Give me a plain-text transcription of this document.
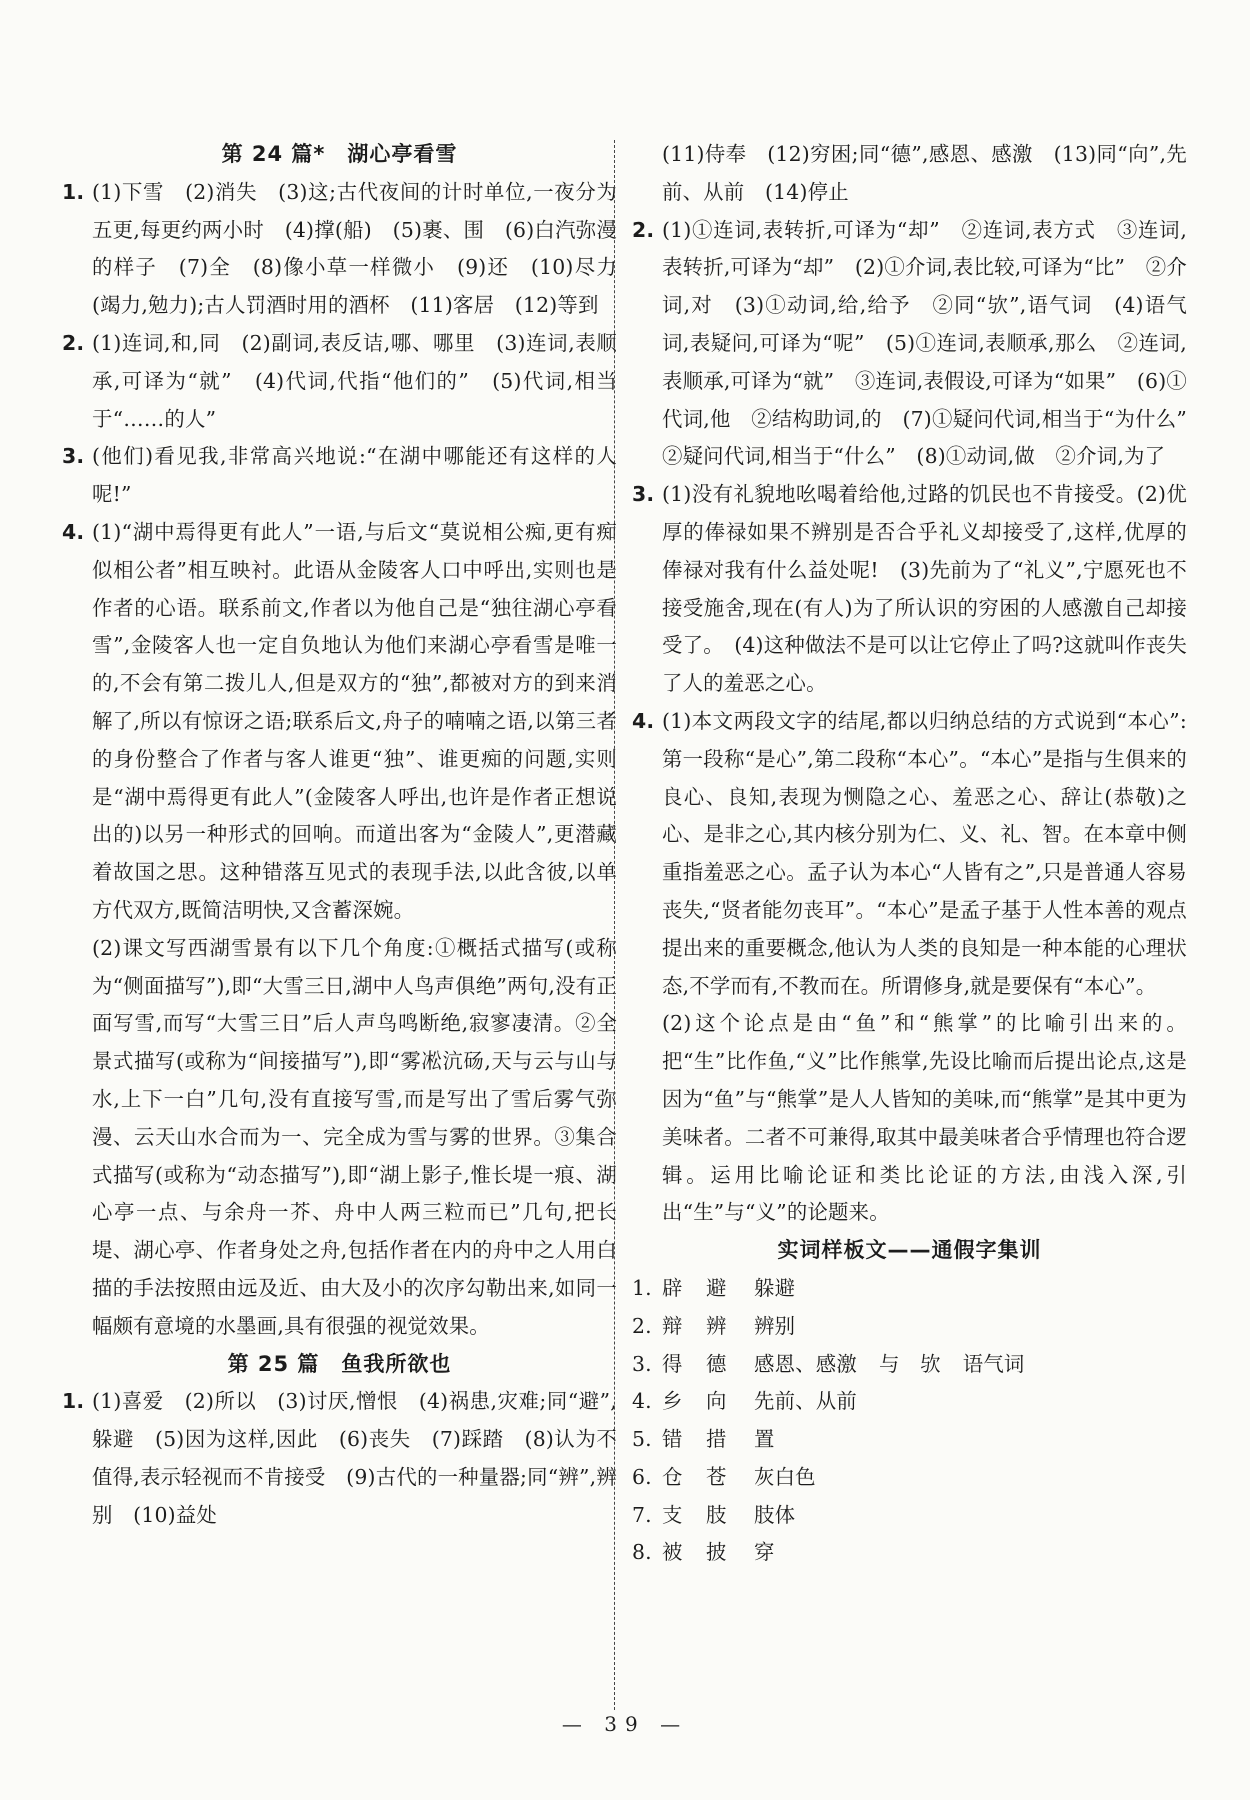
第 24 篇*　湖心亭看雪
1. (1)下雪　(2)消失　(3)这;古代夜间的计时单位,一夜分为五更,每更约两小时　(4)撑(船)　(5)裹、围　(6)白汽弥漫的样子　(7)全　(8)像小草一样微小　(9)还　(10)尽力(竭力,勉力);古人罚酒时用的酒杯　(11)客居　(12)等到
2. (1)连词,和,同　(2)副词,表反诘,哪、哪里　(3)连词,表顺承,可译为“就”　(4)代词,代指“他们的”　(5)代词,相当于“……的人”
3. (他们)看见我,非常高兴地说:“在湖中哪能还有这样的人呢!”
4. (1)“湖中焉得更有此人”一语,与后文“莫说相公痴,更有痴似相公者”相互映衬。此语从金陵客人口中呼出,实则也是作者的心语。联系前文,作者以为他自己是“独往湖心亭看雪”,金陵客人也一定自负地认为他们来湖心亭看雪是唯一的,不会有第二拨儿人,但是双方的“独”,都被对方的到来消解了,所以有惊讶之语;联系后文,舟子的喃喃之语,以第三者的身份整合了作者与客人谁更“独”、谁更痴的问题,实则是“湖中焉得更有此人”(金陵客人呼出,也许是作者正想说出的)以另一种形式的回响。而道出客为“金陵人”,更潜藏着故国之思。这种错落互见式的表现手法,以此含彼,以单方代双方,既简洁明快,又含蓄深婉。
(2)课文写西湖雪景有以下几个角度:①概括式描写(或称为“侧面描写”),即“大雪三日,湖中人鸟声俱绝”两句,没有正面写雪,而写“大雪三日”后人声鸟鸣断绝,寂寥凄清。②全景式描写(或称为“间接描写”),即“雾凇沆砀,天与云与山与水,上下一白”几句,没有直接写雪,而是写出了雪后雾气弥漫、云天山水合而为一、完全成为雪与雾的世界。③集合式描写(或称为“动态描写”),即“湖上影子,惟长堤一痕、湖心亭一点、与余舟一芥、舟中人两三粒而已”几句,把长堤、湖心亭、作者身处之舟,包括作者在内的舟中之人用白描的手法按照由远及近、由大及小的次序勾勒出来,如同一幅颇有意境的水墨画,具有很强的视觉效果。
第 25 篇　鱼我所欲也
1. (1)喜爱　(2)所以　(3)讨厌,憎恨　(4)祸患,灾难;同“避”,躲避　(5)因为这样,因此　(6)丧失　(7)踩踏　(8)认为不值得,表示轻视而不肯接受　(9)古代的一种量器;同“辨”,辨别　(10)益处
(11)侍奉　(12)穷困;同“德”,感恩、感激　(13)同“向”,先前、从前　(14)停止
2. (1)①连词,表转折,可译为“却”　②连词,表方式　③连词,表转折,可译为“却”　(2)①介词,表比较,可译为“比”　②介词,对　(3)①动词,给,给予　②同“欤”,语气词　(4)语气词,表疑问,可译为“呢”　(5)①连词,表顺承,那么　②连词,表顺承,可译为“就”　③连词,表假设,可译为“如果”　(6)①代词,他　②结构助词,的　(7)①疑问代词,相当于“为什么”　②疑问代词,相当于“什么”　(8)①动词,做　②介词,为了
3. (1)没有礼貌地吆喝着给他,过路的饥民也不肯接受。(2)优厚的俸禄如果不辨别是否合乎礼义却接受了,这样,优厚的俸禄对我有什么益处呢!　(3)先前为了“礼义”,宁愿死也不接受施舍,现在(有人)为了所认识的穷困的人感激自己却接受了。　(4)这种做法不是可以让它停止了吗?这就叫作丧失了人的羞恶之心。
4. (1)本文两段文字的结尾,都以归纳总结的方式说到“本心”:第一段称“是心”,第二段称“本心”。“本心”是指与生俱来的良心、良知,表现为恻隐之心、羞恶之心、辞让(恭敬)之心、是非之心,其内核分别为仁、义、礼、智。在本章中侧重指羞恶之心。孟子认为本心“人皆有之”,只是普通人容易丧失,“贤者能勿丧耳”。“本心”是孟子基于人性本善的观点提出来的重要概念,他认为人类的良知是一种本能的心理状态,不学而有,不教而在。所谓修身,就是要保有“本心”。
(2)这个论点是由“鱼”和“熊掌”的比喻引出来的。把“生”比作鱼,“义”比作熊掌,先设比喻而后提出论点,这是因为“鱼”与“熊掌”是人人皆知的美味,而“熊掌”是其中更为美味者。二者不可兼得,取其中最美味者合乎情理也符合逻辑。运用比喻论证和类比论证的方法,由浅入深,引出“生”与“义”的论题来。
实词样板文——通假字集训
1. 辟 避 躲避
2. 辩 辨 辨别
3. 得 德 感恩、感激 与　欤 语气词
4. 乡 向 先前、从前
5. 错 措 置
6. 仓 苍 灰白色
7. 支 肢 肢体
8. 被 披 穿
— 39 —
